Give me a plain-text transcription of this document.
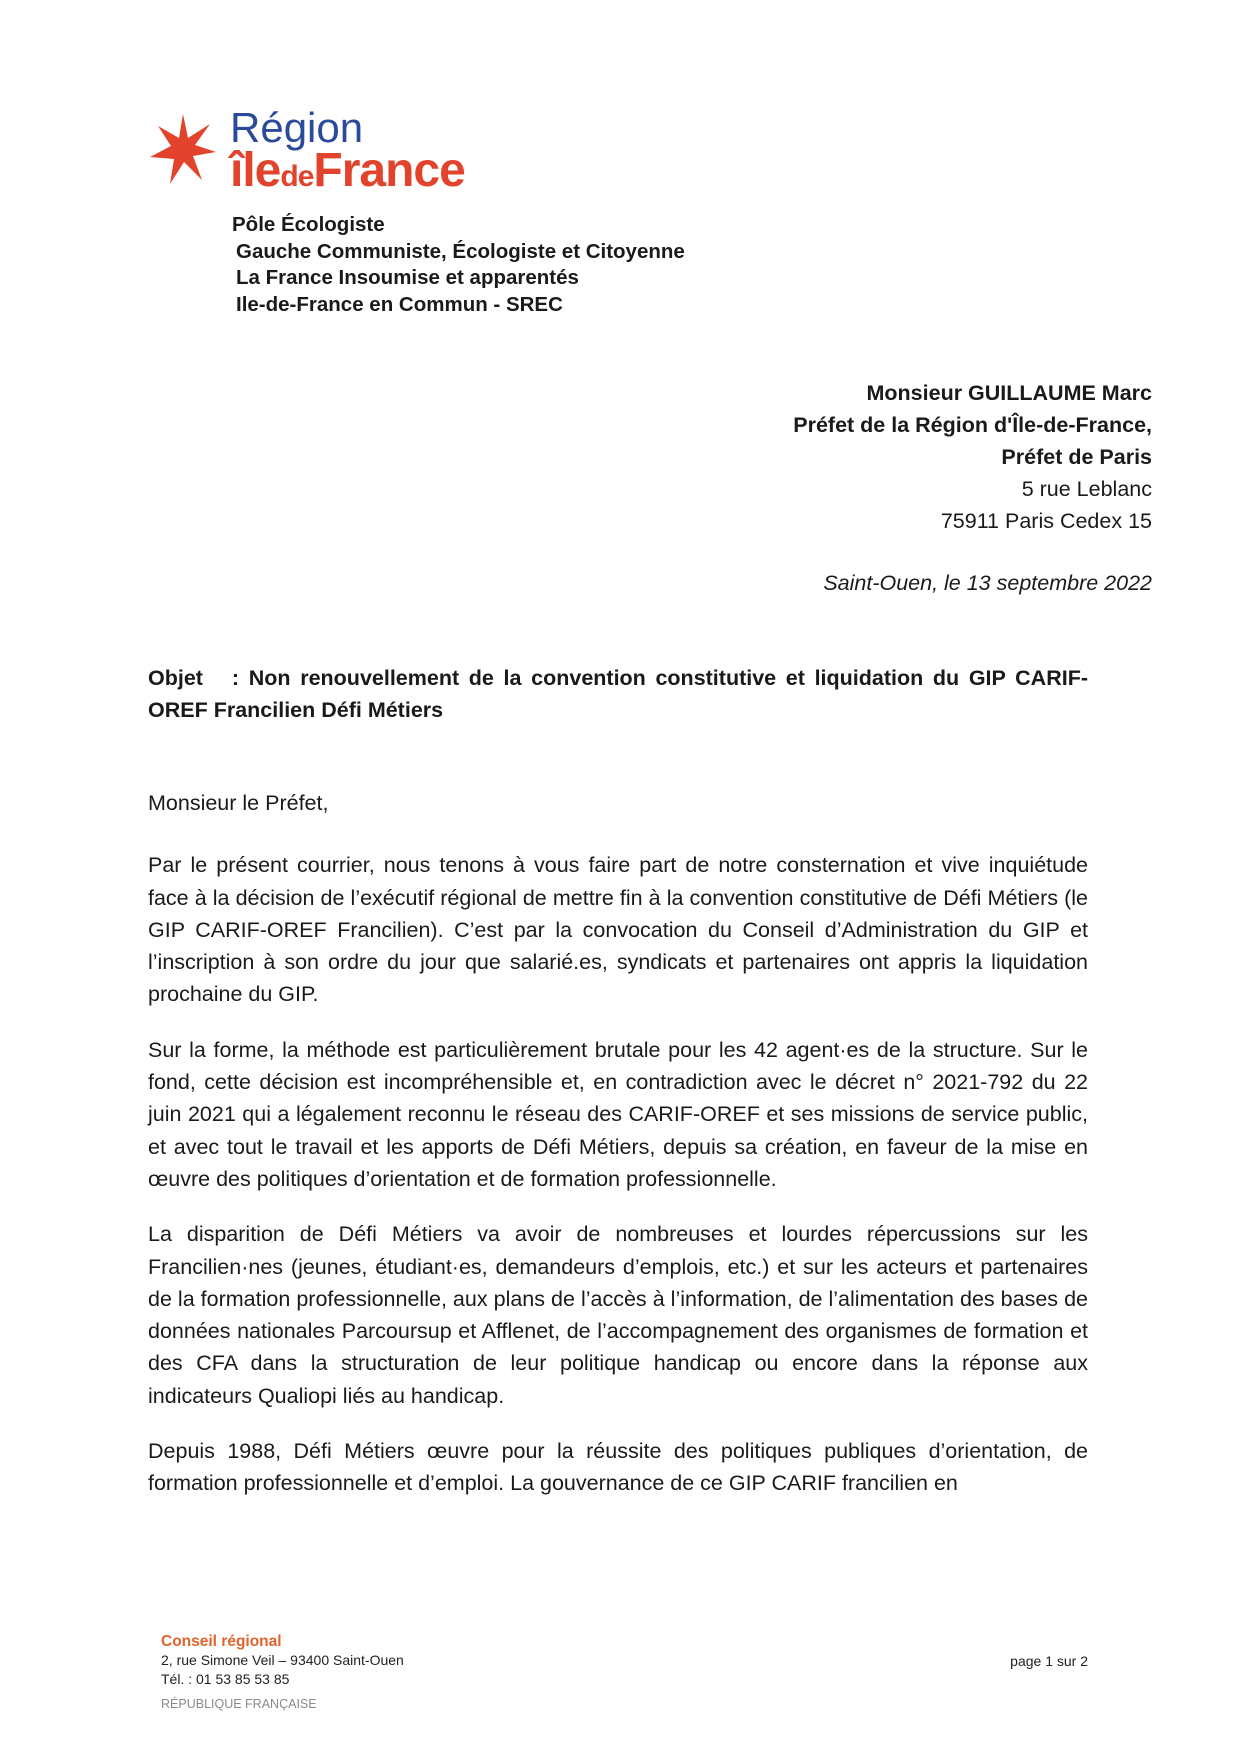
Région
îledeFrance
Pôle Écologiste
Gauche Communiste, Écologiste et Citoyenne
La France Insoumise et apparentés
Ile-de-France en Commun - SREC
Monsieur GUILLAUME Marc
Préfet de la Région d'Île-de-France,
Préfet de Paris
5 rue Leblanc
75911 Paris Cedex 15
Saint-Ouen, le 13 septembre 2022
Objet   : Non renouvellement de la convention constitutive et liquidation du GIP CARIF-OREF Francilien Défi Métiers

Monsieur le Préfet,

Par le présent courrier, nous tenons à vous faire part de notre consternation et vive inquiétude face à la décision de l’exécutif régional de mettre fin à la convention constitutive de Défi Métiers (le GIP CARIF-OREF Francilien). C’est par la convocation du Conseil d’Administration du GIP et l’inscription à son ordre du jour que salarié.es, syndicats et partenaires ont appris la liquidation prochaine du GIP.

Sur la forme, la méthode est particulièrement brutale pour les 42 agent·es de la structure. Sur le fond, cette décision est incompréhensible et, en contradiction avec le décret n° 2021-792 du 22 juin 2021 qui a légalement reconnu le réseau des CARIF-OREF et ses missions de service public, et avec tout le travail et les apports de Défi Métiers, depuis sa création, en faveur de la mise en œuvre des politiques d’orientation et de formation professionnelle.

La disparition de Défi Métiers va avoir de nombreuses et lourdes répercussions sur les Francilien·nes (jeunes, étudiant·es, demandeurs d’emplois, etc.) et sur les acteurs et partenaires de la formation professionnelle, aux plans de l’accès à l’information, de l’alimentation des bases de données nationales Parcoursup et Afflenet, de l’accompagnement des organismes de formation et des CFA dans la structuration de leur politique handicap ou encore dans la réponse aux indicateurs Qualiopi liés au handicap.

Depuis 1988, Défi Métiers œuvre pour la réussite des politiques publiques d’orientation, de formation professionnelle et d’emploi. La gouvernance de ce GIP CARIF francilien en

Conseil régional
2, rue Simone Veil – 93400 Saint-Ouen
Tél. : 01 53 85 53 85
RÉPUBLIQUE FRANÇAISE
page 1 sur 2
